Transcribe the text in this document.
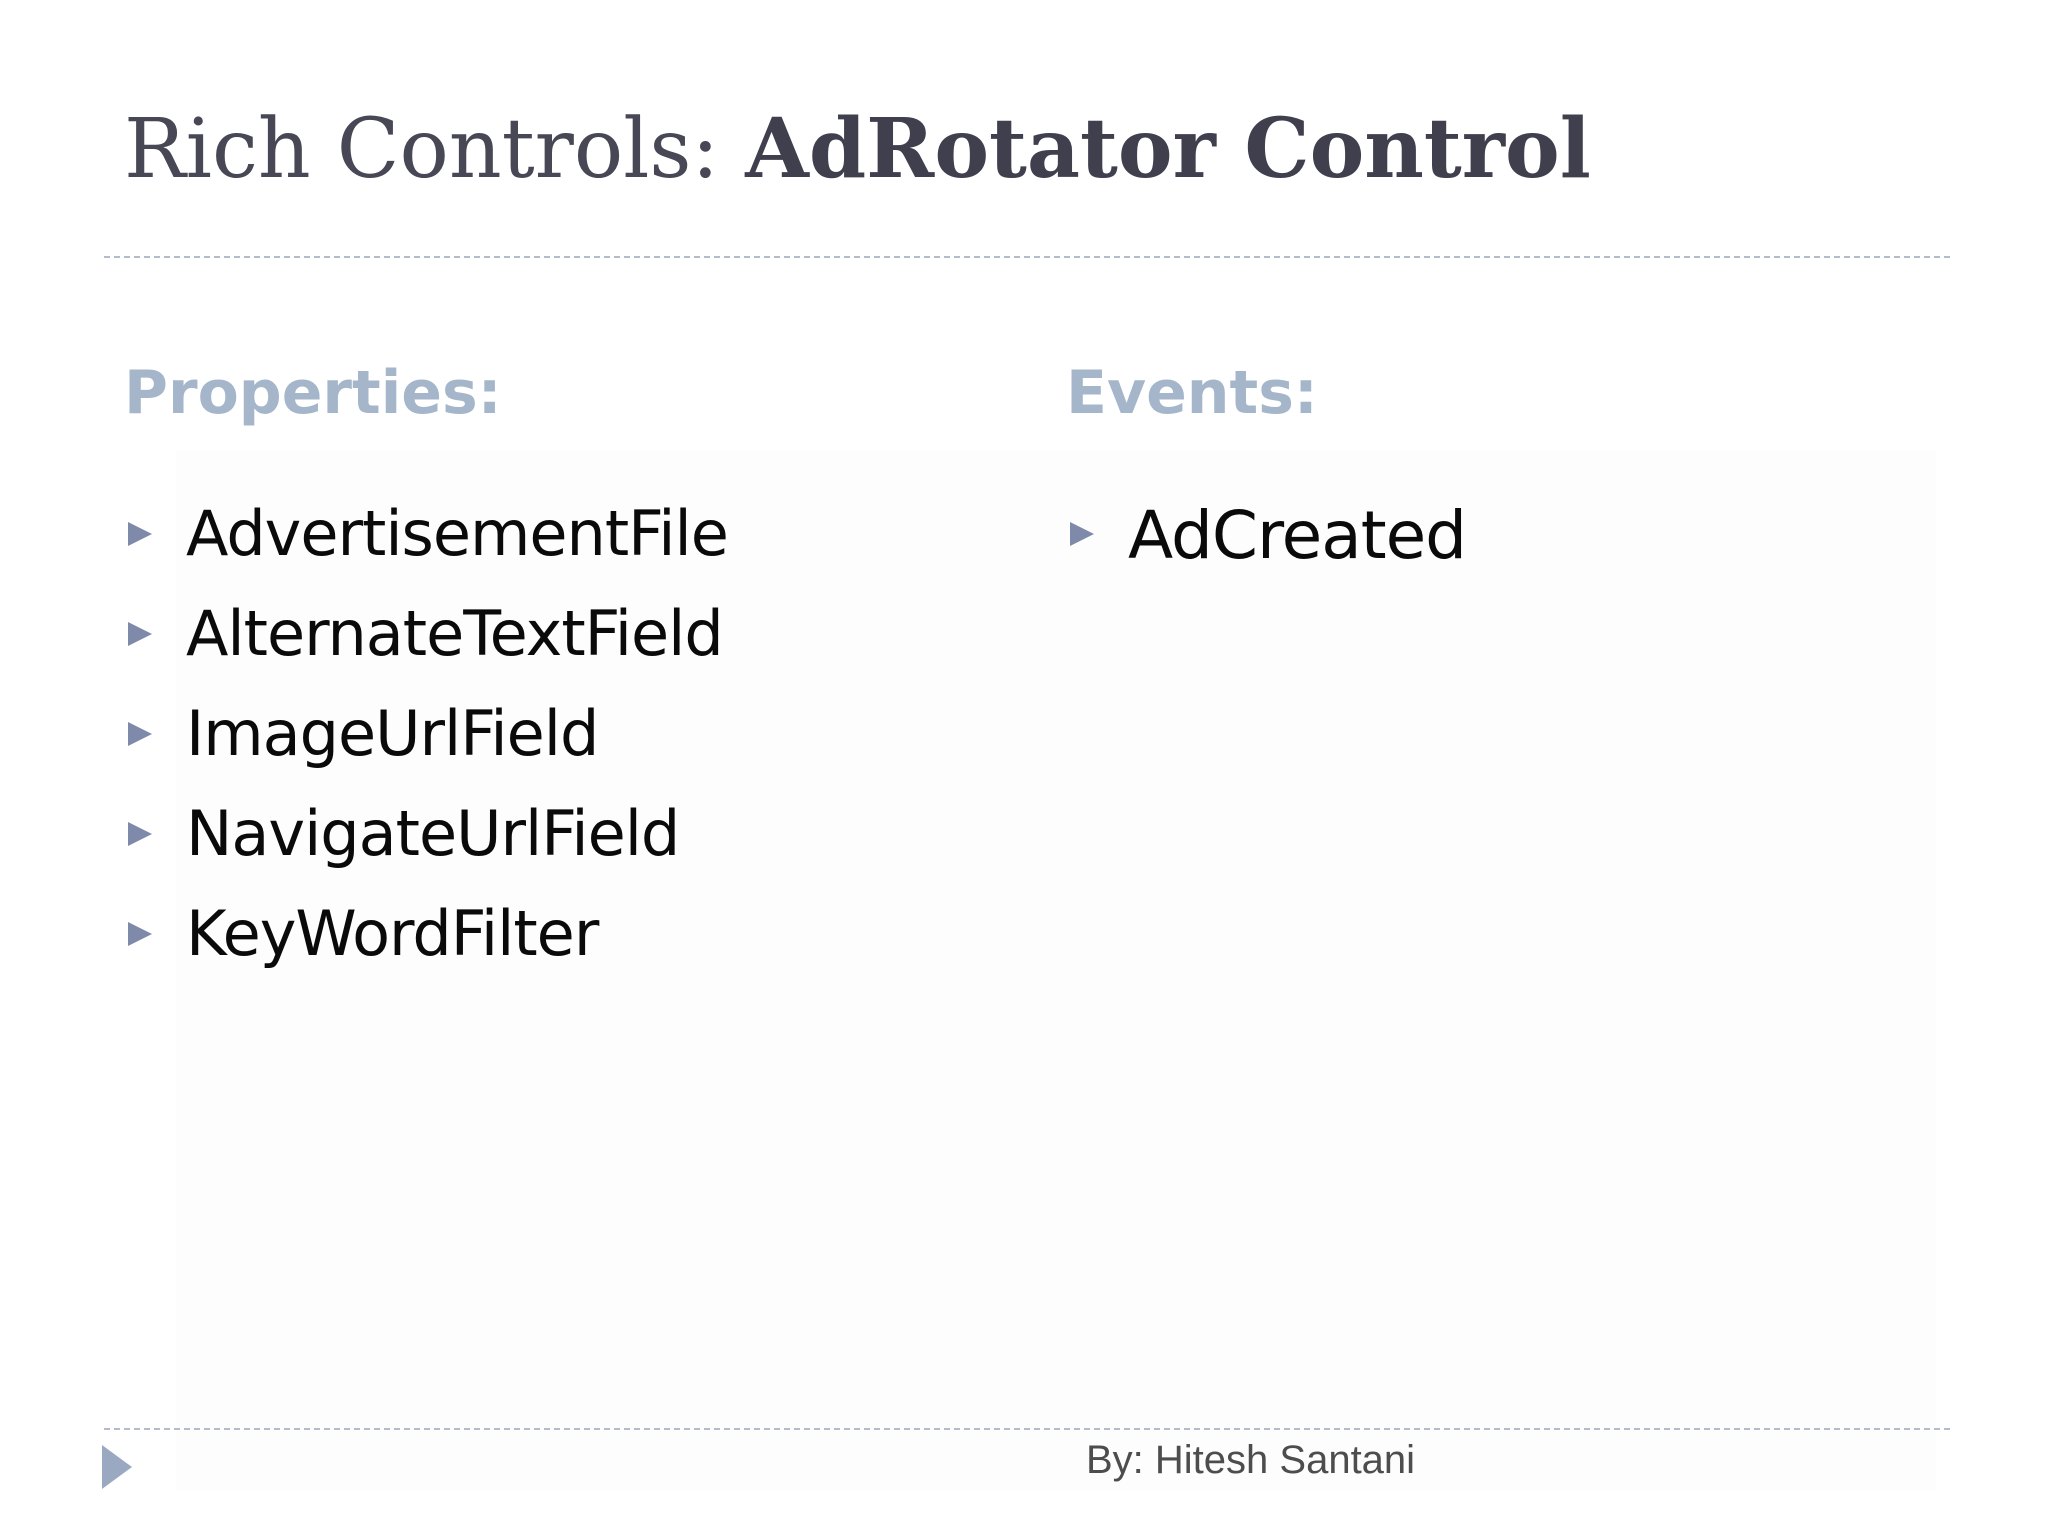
Rich Controls: AdRotator Control
Properties:
AdvertisementFile
AlternateTextField
ImageUrlField
NavigateUrlField
KeyWordFilter
Events:
AdCreated
By: Hitesh Santani
